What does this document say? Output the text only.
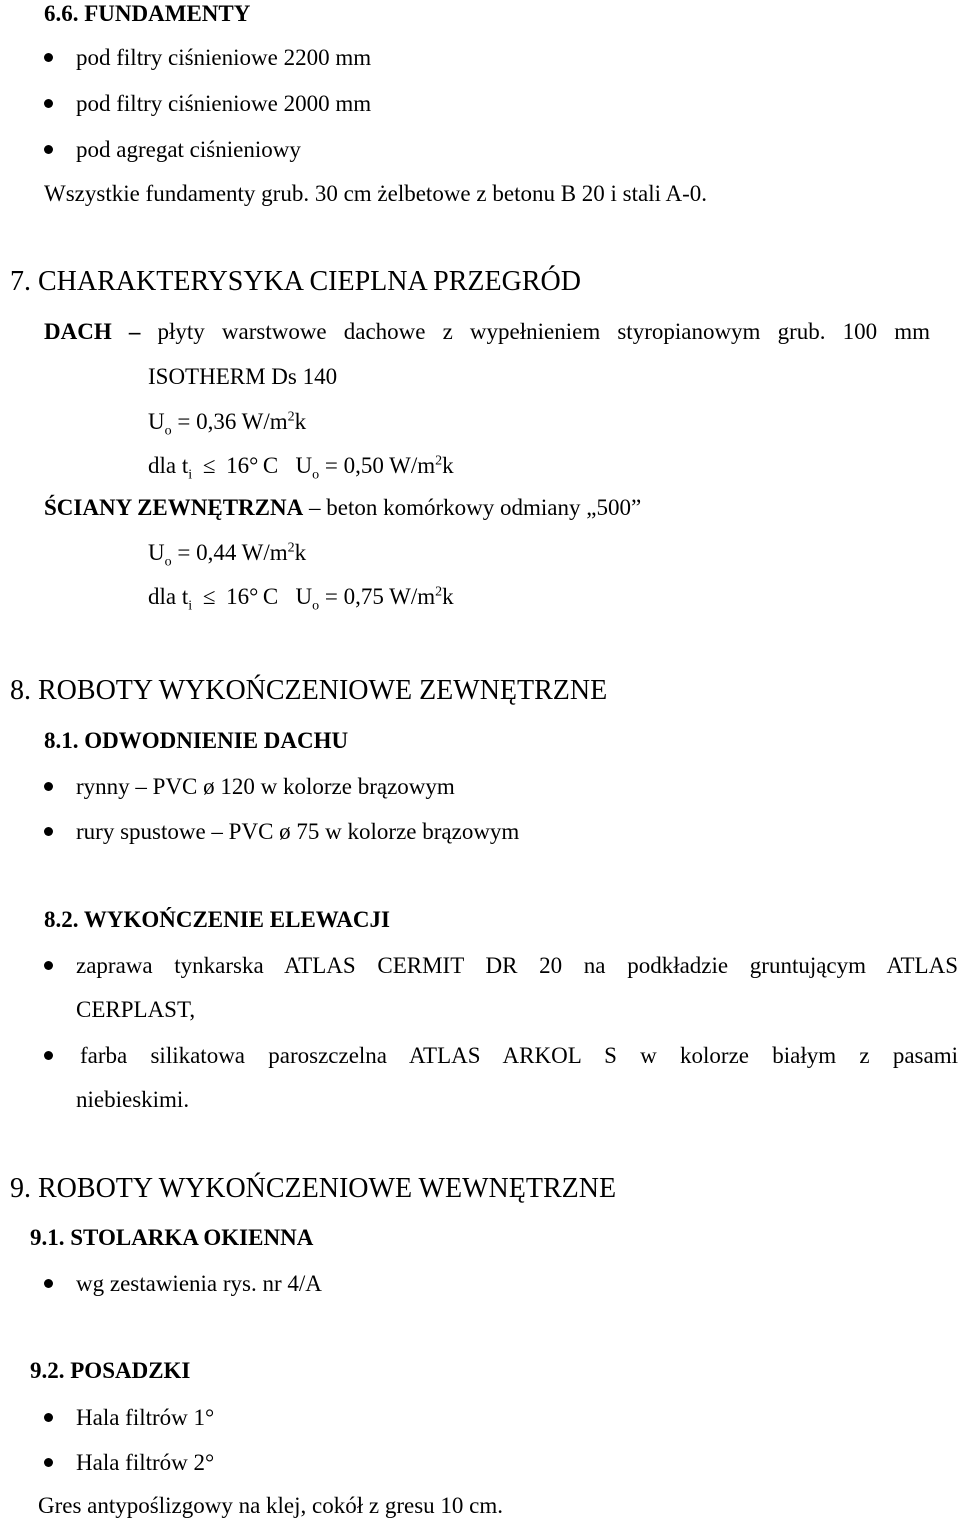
6.6. FUNDAMENTY
pod filtry ciśnieniowe 2200 mm
pod filtry ciśnieniowe 2000 mm
pod agregat ciśnieniowy
Wszystkie fundamenty grub. 30 cm żelbetowe z betonu B 20 i stali A-0.
7. CHARAKTERYSYKA CIEPLNA PRZEGRÓD
DACH – płyty warstwowe dachowe z wypełnieniem styropianowym grub. 100 mm
ISOTHERM Ds 140
$U_o = 0,36$ $W/m^2k$
dla $t_i \le 16^\circ$ C   $U_o = 0,50$ $W/m^2k$
ŚCIANY ZEWNĘTRZNA – beton komórkowy odmiany „500”
$U_o = 0,44$ $W/m^2k$
dla $t_i \le 16^\circ$ C   $U_o = 0,75$ $W/m^2k$
8. ROBOTY WYKOŃCZENIOWE ZEWNĘTRZNE
8.1. ODWODNIENIE DACHU
rynny – PVC ø 120 w kolorze brązowym
rury spustowe – PVC ø 75 w kolorze brązowym
8.2. WYKOŃCZENIE ELEWACJI
zaprawa tynkarska ATLAS CERMIT DR 20 na podkładzie gruntującym ATLAS
CERPLAST,
farba silikatowa paroszczelna ATLAS ARKOL S w kolorze białym z pasami
niebieskimi.
9. ROBOTY WYKOŃCZENIOWE WEWNĘTRZNE
9.1. STOLARKA OKIENNA
wg zestawienia rys. nr 4/A
9.2. POSADZKI
Hala filtrów 1°
Hala filtrów 2°
Gres antypoślizgowy na klej, cokół z gresu 10 cm.
